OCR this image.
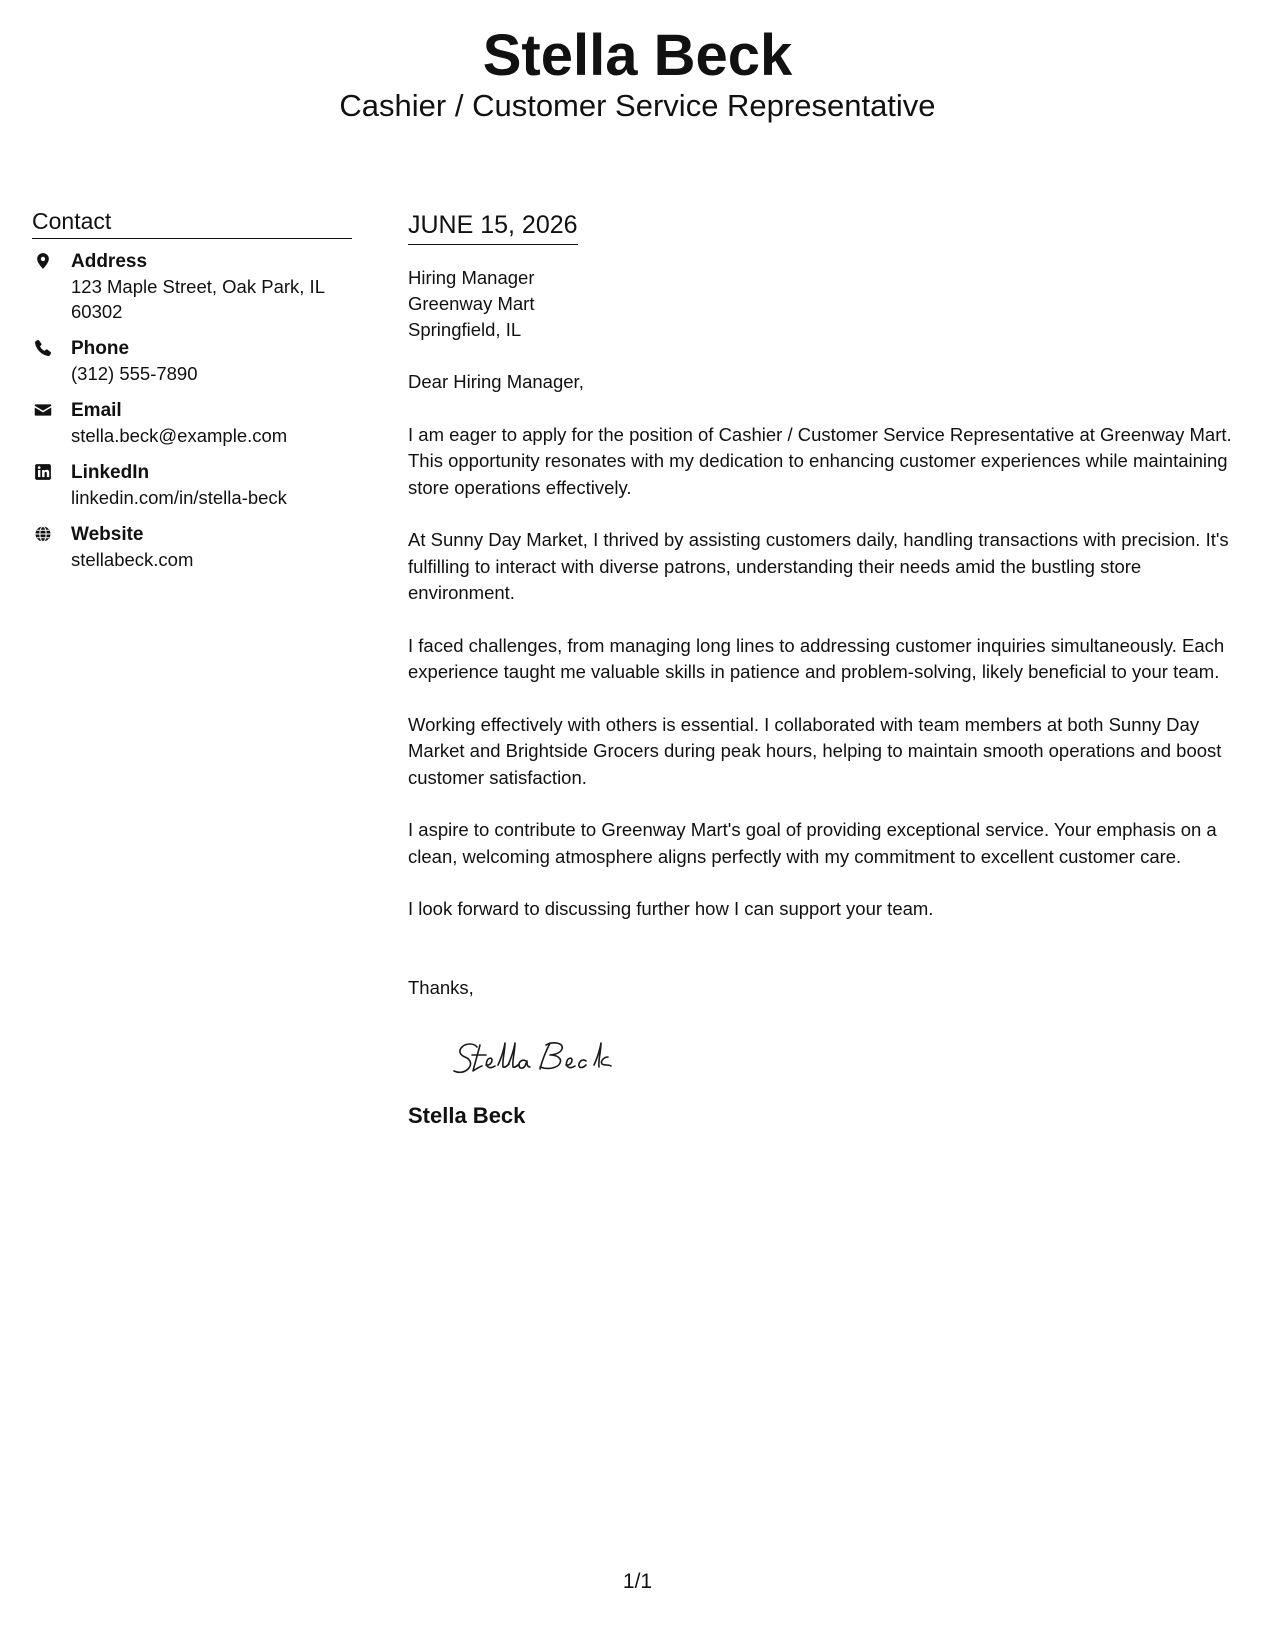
Stella Beck
Cashier / Customer Service Representative
Contact
Address
123 Maple Street, Oak Park, IL 60302
Phone
(312) 555-7890
Email
stella.beck@example.com
LinkedIn
linkedin.com/in/stella-beck
Website
stellabeck.com
JUNE 15, 2026
Hiring Manager
Greenway Mart
Springfield, IL

Dear Hiring Manager,

I am eager to apply for the position of Cashier / Customer Service Representative at Greenway Mart. This opportunity resonates with my dedication to enhancing customer experiences while maintaining store operations effectively.

At Sunny Day Market, I thrived by assisting customers daily, handling transactions with precision. It's fulfilling to interact with diverse patrons, understanding their needs amid the bustling store environment.

I faced challenges, from managing long lines to addressing customer inquiries simultaneously. Each experience taught me valuable skills in patience and problem-solving, likely beneficial to your team.

Working effectively with others is essential. I collaborated with team members at both Sunny Day Market and Brightside Grocers during peak hours, helping to maintain smooth operations and boost customer satisfaction.

I aspire to contribute to Greenway Mart's goal of providing exceptional service. Your emphasis on a clean, welcoming atmosphere aligns perfectly with my commitment to excellent customer care.

I look forward to discussing further how I can support your team.

Thanks,
Stella Beck
1/1
